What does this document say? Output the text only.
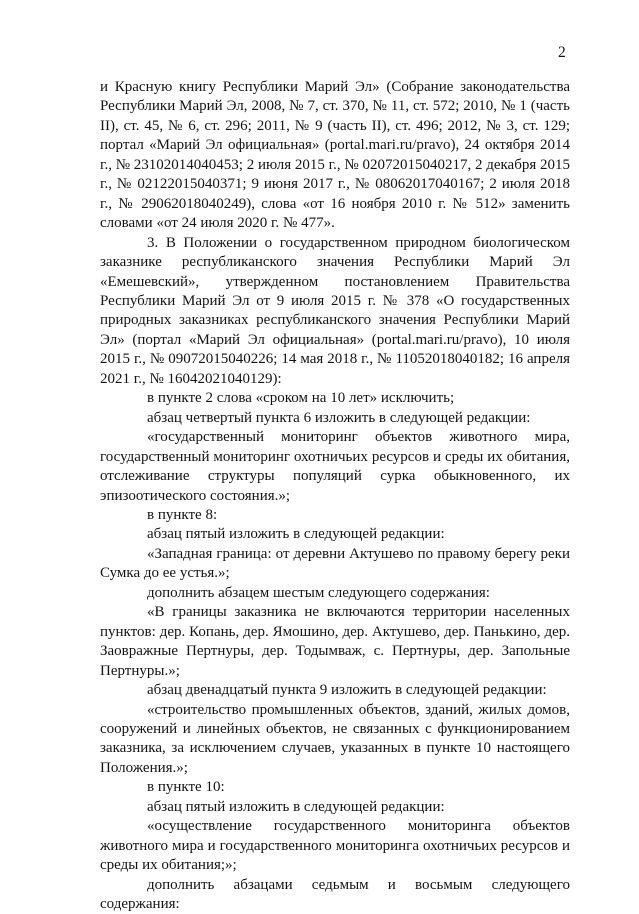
2

и Красную книгу Республики Марий Эл» (Собрание законодательства Республики Марий Эл, 2008, № 7, ст. 370, № 11, ст. 572; 2010, № 1 (часть II), ст. 45, № 6, ст. 296; 2011, № 9 (часть II), ст. 496; 2012, № 3, ст. 129; портал «Марий Эл официальная» (portal.mari.ru/pravo), 24 октября 2014 г., № 23102014040453; 2 июля 2015 г., № 02072015040217, 2 декабря 2015 г., № 02122015040371; 9 июня 2017 г., № 08062017040167; 2 июля 2018 г., № 29062018040249), слова «от 16 ноября 2010 г. № 512» заменить словами «от 24 июля 2020 г. № 477».

3. В Положении о государственном природном биологическом заказнике республиканского значения Республики Марий Эл «Емешевский», утвержденном постановлением Правительства Республики Марий Эл от 9 июля 2015 г. № 378 «О государственных природных заказниках республиканского значения Республики Марий Эл» (портал «Марий Эл официальная» (portal.mari.ru/pravo), 10 июля 2015 г., № 09072015040226; 14 мая 2018 г., № 11052018040182; 16 апреля 2021 г., № 16042021040129):

в пункте 2 слова «сроком на 10 лет» исключить;

абзац четвертый пункта 6 изложить в следующей редакции:

«государственный мониторинг объектов животного мира, государственный мониторинг охотничьих ресурсов и среды их обитания, отслеживание структуры популяций сурка обыкновенного, их эпизоотического состояния.»;

в пункте 8:

абзац пятый изложить в следующей редакции:

«Западная граница: от деревни Актушево по правому берегу реки Сумка до ее устья.»;

дополнить абзацем шестым следующего содержания:

«В границы заказника не включаются территории населенных пунктов: дер. Копань, дер. Ямошино, дер. Актушево, дер. Панькино, дер. Заовражные Пертнуры, дер. Тодымваж, с. Пертнуры, дер. Запольные Пертнуры.»;

абзац двенадцатый пункта 9 изложить в следующей редакции:

«строительство промышленных объектов, зданий, жилых домов, сооружений и линейных объектов, не связанных с функционированием заказника, за исключением случаев, указанных в пункте 10 настоящего Положения.»;

в пункте 10:

абзац пятый изложить в следующей редакции:

«осуществление государственного мониторинга объектов животного мира и государственного мониторинга охотничьих ресурсов и среды их обитания;»;

дополнить абзацами седьмым и восьмым следующего содержания:
